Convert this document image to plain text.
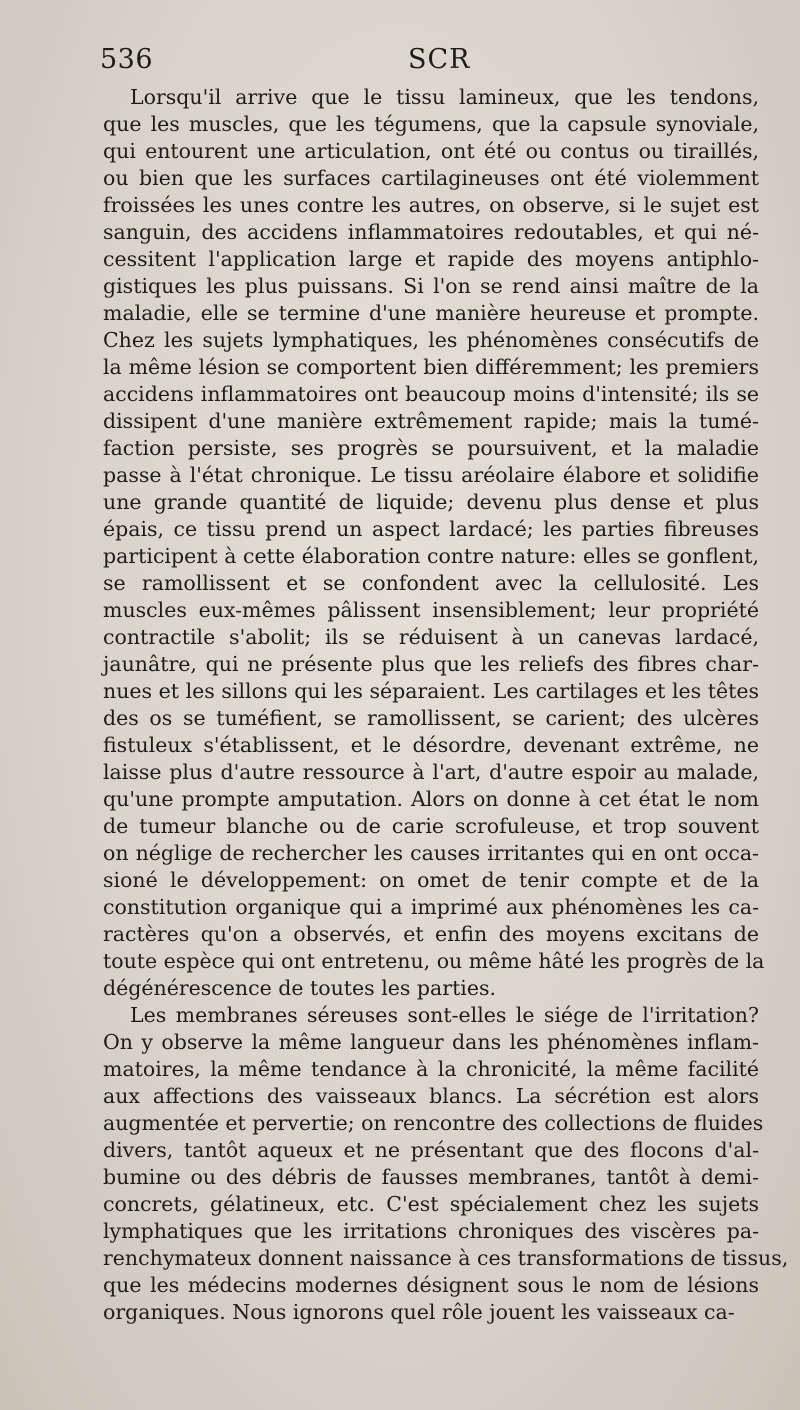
536	SCR
Lorsqu'il arrive que le tissu lamineux, que les tendons,
que les muscles, que les tégumens, que la capsule synoviale,
qui entourent une articulation, ont été ou contus ou tiraillés,
ou bien que les surfaces cartilagineuses ont été violemment
froissées les unes contre les autres, on observe, si le sujet est
sanguin, des accidens inflammatoires redoutables, et qui né-
cessitent l'application large et rapide des moyens antiphlo-
gistiques les plus puissans. Si l'on se rend ainsi maître de la
maladie, elle se termine d'une manière heureuse et prompte.
Chez les sujets lymphatiques, les phénomènes consécutifs de
la même lésion se comportent bien différemment; les premiers
accidens inflammatoires ont beaucoup moins d'intensité; ils se
dissipent d'une manière extrêmement rapide; mais la tumé-
faction persiste, ses progrès se poursuivent, et la maladie
passe à l'état chronique. Le tissu aréolaire élabore et solidifie
une grande quantité de liquide; devenu plus dense et plus
épais, ce tissu prend un aspect lardacé; les parties fibreuses
participent à cette élaboration contre nature: elles se gonflent,
se ramollissent et se confondent avec la cellulosité. Les
muscles eux-mêmes pâlissent insensiblement; leur propriété
contractile s'abolit; ils se réduisent à un canevas lardacé,
jaunâtre, qui ne présente plus que les reliefs des fibres char-
nues et les sillons qui les séparaient. Les cartilages et les têtes
des os se tuméfient, se ramollissent, se carient; des ulcères
fistuleux s'établissent, et le désordre, devenant extrême, ne
laisse plus d'autre ressource à l'art, d'autre espoir au malade,
qu'une prompte amputation. Alors on donne à cet état le nom
de tumeur blanche ou de carie scrofuleuse, et trop souvent
on néglige de rechercher les causes irritantes qui en ont occa-
sioné le développement: on omet de tenir compte et de la
constitution organique qui a imprimé aux phénomènes les ca-
ractères qu'on a observés, et enfin des moyens excitans de
toute espèce qui ont entretenu, ou même hâté les progrès de la
dégénérescence de toutes les parties.
Les membranes séreuses sont-elles le siége de l'irritation?
On y observe la même langueur dans les phénomènes inflam-
matoires, la même tendance à la chronicité, la même facilité
aux affections des vaisseaux blancs. La sécrétion est alors
augmentée et pervertie; on rencontre des collections de fluides
divers, tantôt aqueux et ne présentant que des flocons d'al-
bumine ou des débris de fausses membranes, tantôt à demi-
concrets, gélatineux, etc. C'est spécialement chez les sujets
lymphatiques que les irritations chroniques des viscères pa-
renchymateux donnent naissance à ces transformations de tissus,
que les médecins modernes désignent sous le nom de lésions
organiques. Nous ignorons quel rôle jouent les vaisseaux ca-
